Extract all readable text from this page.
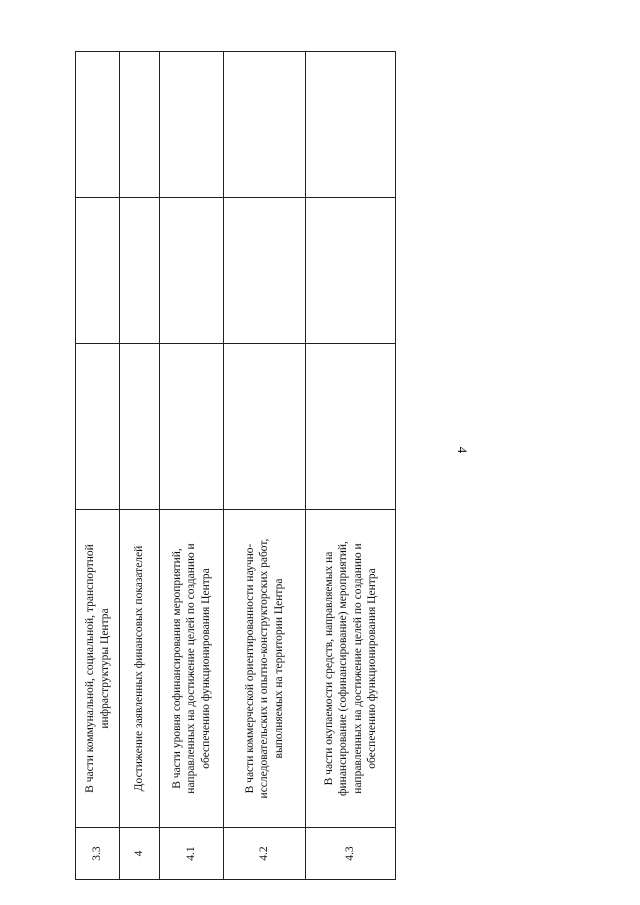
4
3.3	В части коммунальной, социальной, транспортной инфраструктуры Центра			
4	Достижение заявленных финансовых показателей			
4.1	В части уровня софинансирования мероприятий, направленных на достижение целей по созданию и обеспечению функционирования Центра			
4.2	В части коммерческой ориентированности научно-исследовательских и опытно-конструкторских работ, выполняемых на территории Центра			
4.3	В части окупаемости средств, направляемых на финансирование (софинансирование) мероприятий, направленных на достижение целей по созданию и обеспечению функционирования Центра			
